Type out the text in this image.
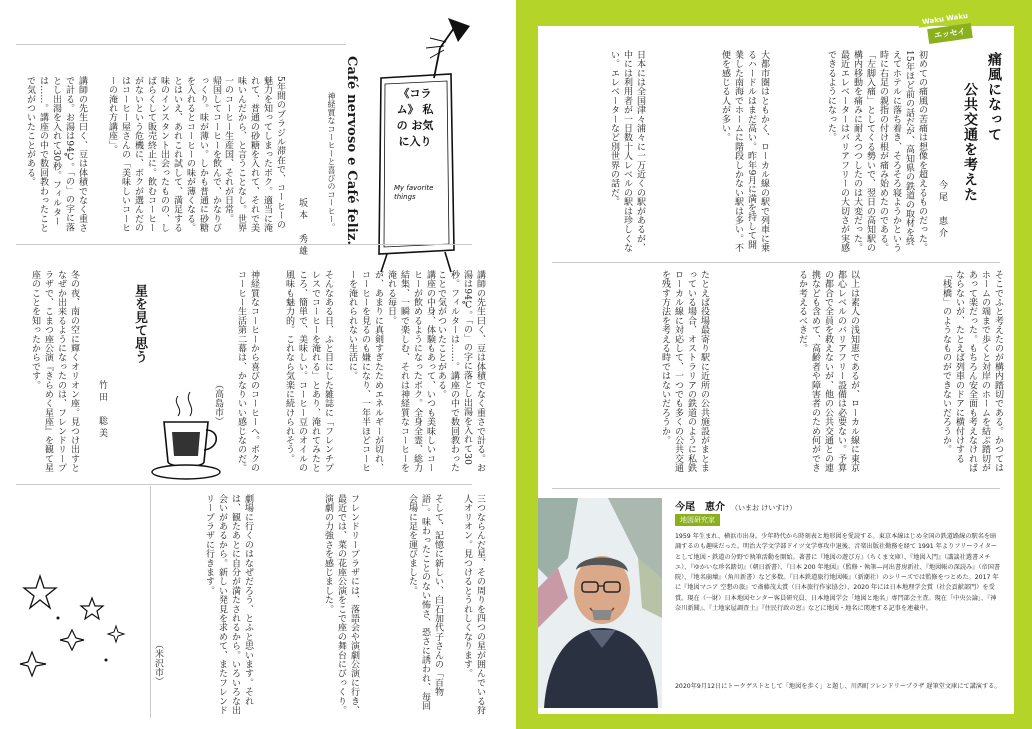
5年間のブラジル滞在で、コーヒーの魅力を知ってしまったボク。適当に淹れて、普通の砂糖を入れて、それで美味いんだから、と言うことなし。世界一のコーヒー生産国、それが日常。
帰国してコーヒーを飲んで、かなりびっくり。味が薄い。しかも普通に砂糖を入れるとコーヒーの味が薄くなる。とはいえ、あれこれ試して、満足する味のインスタント出会ったものの、しばらくして販売終止に。飲むコーヒーがないという危機に、ボクが選んだのはコーヒー屋さんの「美味しいコーヒーの淹れ方講座」。
講師の先生曰く、豆は体積でなく重さで計る。お湯は94℃。「の」の字に落とし出湯を入れて30秒。フィルターは……。講座の中で数回教わったことで気がついたことがある。	Café nervoso e Café feliz.
神経質なコーヒーと喜びのコーヒー。
坂本　秀雄
《コラム》 私の お気に入り
My favorite things
講師の先生曰く、豆は体積でなく重さで計る。お湯は94℃。「の」の字に落とし出湯を入れて30秒。フィルターは……。講座の中で数回教わったことで気がついたことがある。
講座の中身、体験もあって、いつも美味しいコーヒーが飲めるようになったボク。全身全霊、総力結集、一瞬で楽しむ、それは神経質なコーヒーを淹れる毎日。
が、あまりに真剣すぎたためエネルギーが切れ、コーヒーを見るのも嫌になり、一年半ほどコーヒーを淹れられない生活に。
そんなある日、ふと目にした雑誌に「フレンチプレスでコーヒーを淹れる」とあり、淹れてみたところ、簡単で、美味しい。コーヒー豆のオイルの風味も魅力的。これなら気楽に続けられそう。
神経質なコーヒーから喜びのコーヒーへ。ボクのコーヒー生活第二幕は、かなりいい感じなのだ。
（高島市）
星を見て思う
竹田　聡美
冬の夜、南の空に輝くオリオン座。見つけ出すとなぜか出来るようになったのは、フレンドリープラザで、こまつ座公演『きらめく星座』を観て星座のことを知ったからです。
三つならんだ星、その周りを四つの星が囲んでいる狩人オリオン。見つけるとうれしくなります。
そして、記憶に新しい、白石加代子さんの「百物語」。味わったことのない怖さ、恐さに誘われ、毎回会場に足を運びました。
フレンドリープラザには、落語会や演劇公演に行き、最近では、菜の花座公演をこで座の舞台にびっくり。演劇の力強さを感じました。
劇場に行くのはなぜだろう、とふと思います。それは、観たあとに自分が満たされるから。いろいろな出会いがあるから。新しい発見を求めて、またフレンドリープラザに行きます。
（米沢市）
Waku Waku
エッセイ
痛風になって
公共交通を考えた
今尾　恵介
初めての痛風の苦痛は想像を超えるものだった。15年ほど前の話だが、高知県の鉄道の取材を終えてホテルに落ち着き、そろそろ寝ようかという時に右足の親指の付け根が痛み始めたのである。「左脚入痛」としてくる勢いで、翌日の高知駅の構内移動を痛みに耐えつつしたのは大変だった。最近エレベーターはバリアフリーの大切さが実感できるようになった。
大都市圏はともかく、ローカル線の駅で列車に乗るハードルはまだ高い。昨年9月に満を持して開業した南海でホームに階段しかない駅は多い。不便を感じる人が多い。
日本には全国津々浦々に一万近くの駅があるが、中には利用者が一日数十人レベルの駅は珍しくない。エレベーターなど別世界の話だ。
そこでふと考えたのが構内踏切である。かつてはホームの端まで歩くと対岸のホームを結ぶ踏切があって楽だった。もちろん安全面も考えなければならないが、たとえば列車のドアに横付けする「桟橋」のようなものができないだろうか。
以上は素人の浅知恵であるが、ローカル線に東京都心レベルのバリアフリー設備は必要ない。予算の都合で全員を救えないが、他の公共交通との連携なども含めて、高齢者や障害者のため何ができるか考えるべきだ。
たとえば役場最寄り駅に近所の公共施設がまとまっている場合、オストラリアの鉄道のように私鉄ローカル線に対応して、一つでも多くの公共交通を残す方法を考える時ではないだろうか。
今尾　恵介 （いまお けいすけ）
地図研究家
1959 年生まれ、横浜市出身。少年時代から時刻表と地形図を愛読する。東京本線はじめ全国の鉄道路線の駅名を暗誦するのも趣味だった。明治大学文学部ドイツ文学専攻中退後、音楽出版社勤務を経て 1991 年よりフリーライターとして地図・鉄道の分野で執筆活動を開始。著書に『地図の遊び方』（ちくま文庫）、『地図入門』（講談社選書メチエ）、『ゆかいな珍名踏切』（朝日新書）、『日本 200 年地図』（監修・執筆—河出書房新社、『地図帳の深読み』（帝国書院）、『地名崩壊』（角川新書）など多数。『日本鉄道旅行地図帳』（新潮社）のシリーズでは監修をつとめた。2017 年に『地図マニア 空想の旅』で斎藤茂太賞（日本旅行作家協会）、2020 年には日本地理学会賞（社会貢献部門）を受賞。現在（一財）日本地図センター客員研究員、日本地図学会「地図と地名」専門部会主査。現在「中央公論」、『神奈川新聞』、『土地家屋調査士』『住民行政の窓』などに地図・地名に関連する記事を連載中。
2020年9月12日にトークゲストとして「地図を歩く」と題し、川西町フレンドリープラザ 遅筆堂文庫にて講演する。
